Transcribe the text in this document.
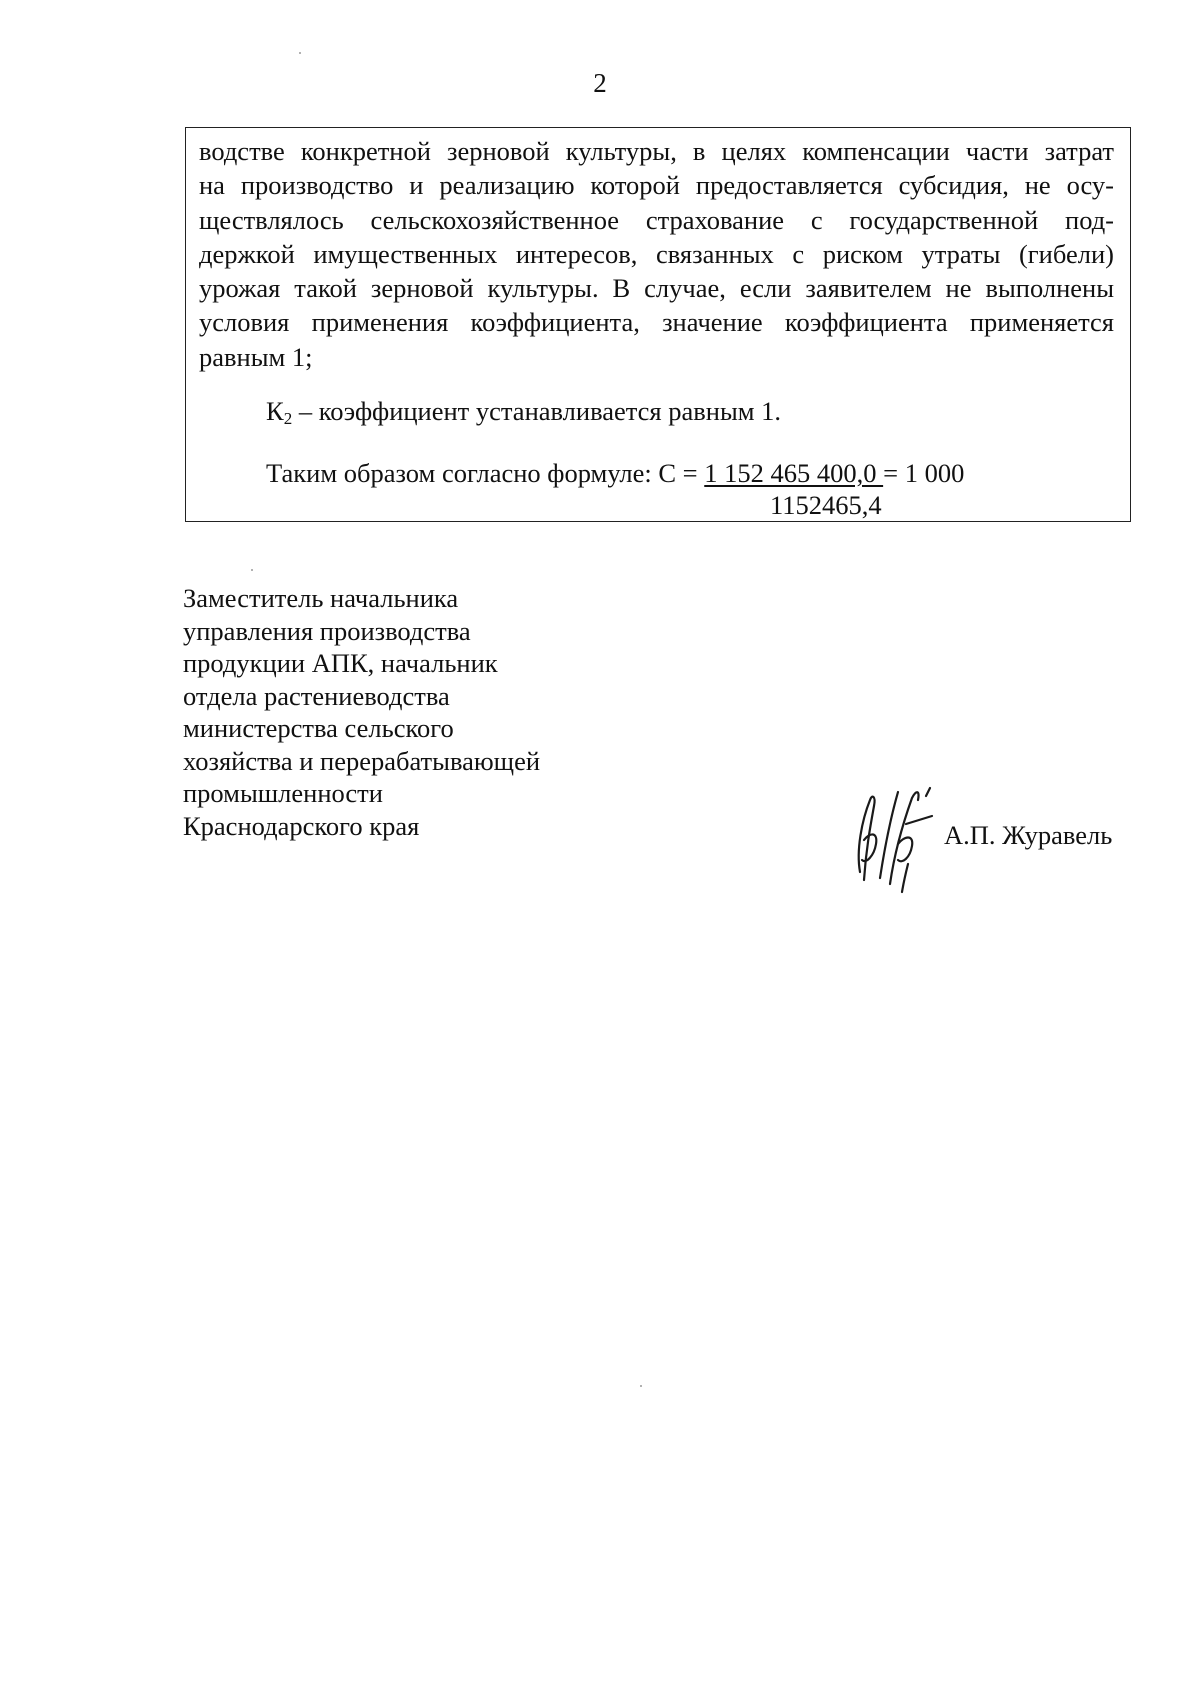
2
водстве конкретной зерновой культуры, в целях компенсации части затрат
на производство и реализацию которой предоставляется субсидия, не осу-
ществлялось сельскохозяйственное страхование с государственной под-
держкой имущественных интересов, связанных с риском утраты (гибели)
урожая такой зерновой культуры. В случае, если заявителем не выполнены
условия применения коэффициента, значение коэффициента применяется
равным 1;
$К_2$ – коэффициент устанавливается равным 1.
Таким образом согласно формуле: С = 1 152 465 400,0 = 1 000
1152465,4
Заместитель начальника
управления производства
продукции АПК, начальник
отдела растениеводства
министерства сельского
хозяйства и перерабатывающей
промышленности
Краснодарского края	А.П. Журавель
